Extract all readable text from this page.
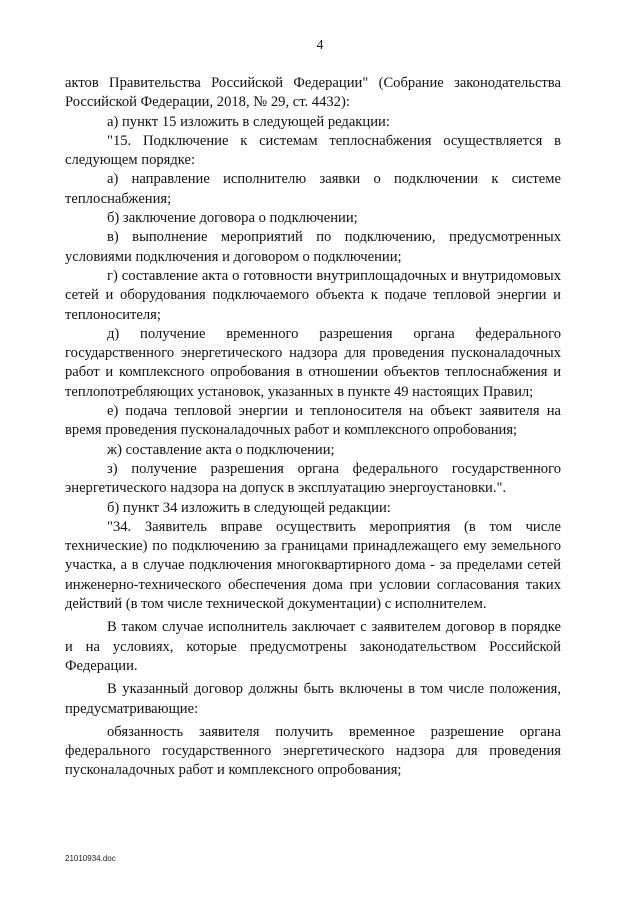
4

актов Правительства Российской Федерации" (Собрание законодательства Российской Федерации, 2018, № 29, ст. 4432):

а) пункт 15 изложить в следующей редакции:

"15. Подключение к системам теплоснабжения осуществляется в следующем порядке:

а) направление исполнителю заявки о подключении к системе теплоснабжения;

б) заключение договора о подключении;

в) выполнение мероприятий по подключению, предусмотренных условиями подключения и договором о подключении;

г) составление акта о готовности внутриплощадочных и внутридомовых сетей и оборудования подключаемого объекта к подаче тепловой энергии и теплоносителя;

д) получение временного разрешения органа федерального государственного энергетического надзора для проведения пусконаладочных работ и комплексного опробования в отношении объектов теплоснабжения и теплопотребляющих установок, указанных в пункте 49 настоящих Правил;

е) подача тепловой энергии и теплоносителя на объект заявителя на время проведения пусконаладочных работ и комплексного опробования;

ж) составление акта о подключении;

з) получение разрешения органа федерального государственного энергетического надзора на допуск в эксплуатацию энергоустановки.".

б) пункт 34 изложить в следующей редакции:

"34. Заявитель вправе осуществить мероприятия (в том числе технические) по подключению за границами принадлежащего ему земельного участка, а в случае подключения многоквартирного дома - за пределами сетей инженерно-технического обеспечения дома при условии согласования таких действий (в том числе технической документации) с исполнителем.

В таком случае исполнитель заключает с заявителем договор в порядке и на условиях, которые предусмотрены законодательством Российской Федерации.

В указанный договор должны быть включены в том числе положения, предусматривающие:

обязанность заявителя получить временное разрешение органа федерального государственного энергетического надзора для проведения пусконаладочных работ и комплексного опробования;

21010934.doc
